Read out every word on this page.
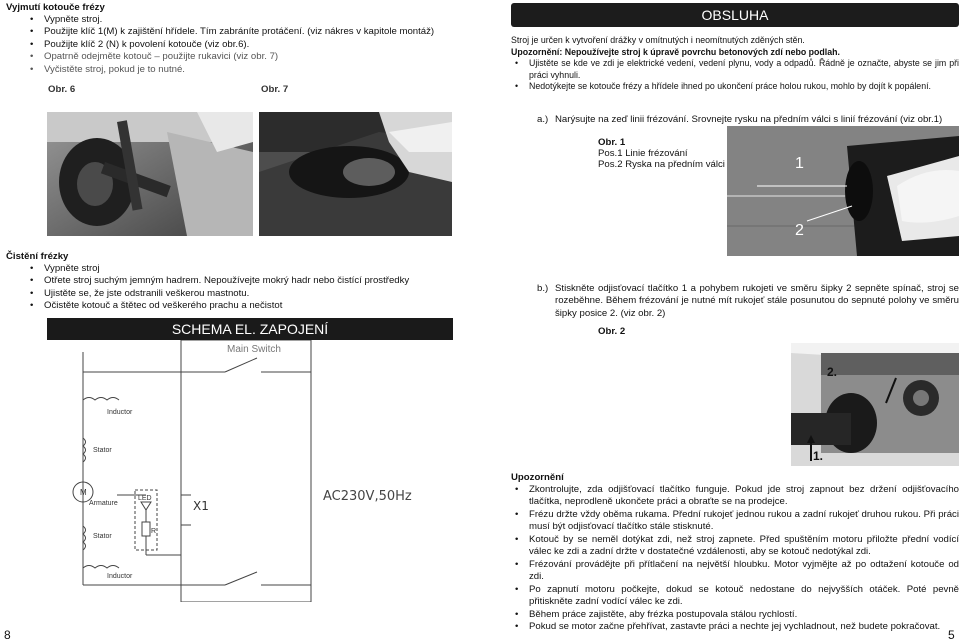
Vyjmutí kotouče frézy
• Vypněte stroj.
• Použijte klíč 1(M) k zajištění hřídele. Tím zabráníte protáčení. (viz nákres v kapitole montáž)
• Použijte klíč 2 (N) k povolení kotouče (viz obr.6).
• Opatrně odejměte kotouč – použijte rukavici (viz obr. 7)
• Vyčistěte stroj, pokud je to nutné.
Obr. 6	Obr. 7
Čistění frézky
• Vypněte stroj
• Otřete stroj suchým jemným hadrem. Nepoužívejte mokrý hadr nebo čistící prostředky
• Ujistěte se, že jste odstranili veškerou mastnotu.
• Očistěte kotouč a štětec od veškerého prachu a nečistot
SCHEMA EL. ZAPOJENÍ
Main Switch
Inductor
Stator
M
Armature
LED
R
Stator
Inductor
X1
AC230V,50Hz
8
OBSLUHA
Stroj je určen k vytvoření drážky v omítnutých i neomítnutých zděných stěn.
Upozornění: Nepoužívejte stroj k úpravě povrchu betonových zdí nebo podlah.
• Ujistěte se kde ve zdi je elektrické vedení, vedení plynu, vody a odpadů. Řádně je označte, abyste se jim při práci vyhnuli.
• Nedotýkejte se kotouče frézy a hřídele ihned po ukončení práce holou rukou, mohlo by dojít k popálení.
a.) Narýsujte na zeď linii frézování. Srovnejte rysku na předním válci s linií frézování (viz obr.1)
Obr. 1
Pos.1 Linie frézování
Pos.2 Ryska na předním válci	1
2
b.) Stiskněte odjisťovací tlačítko 1 a pohybem rukojeti ve směru šipky 2 sepněte spínač, stroj se rozeběhne. Během frézování je nutné mít rukojeť stále posunutou do sepnuté polohy ve směru šipky posice 2. (viz obr. 2)
Obr. 2
2.
1.
Upozornění
• Zkontrolujte, zda odjišťovací tlačítko funguje. Pokud jde stroj zapnout bez držení odjišťovacího tlačítka, neprodleně ukončete práci a obraťte se na prodejce.
• Frézu držte vždy oběma rukama. Přední rukojeť jednou rukou a zadní rukojeť druhou rukou. Při práci musí být odjisťovací tlačítko stále stisknuté.
• Kotouč by se neměl dotýkat zdi, než stroj zapnete. Před spuštěním motoru přiložte přední vodící válec ke zdi a zadní držte v dostatečné vzdálenosti, aby se kotouč nedotýkal zdi.
• Frézování provádějte při přítlačení na největší hloubku. Motor vyjmějte až po odtažení kotouče od zdi.
• Po zapnutí motoru počkejte, dokud se kotouč nedostane do nejvyšších otáček. Poté pevně přitiskněte zadní vodící válec ke zdi.
• Během práce zajistěte, aby frézka postupovala stálou rychlostí.
• Pokud se motor začne přehřívat, zastavte práci a nechte jej vychladnout, než budete pokračovat.
5
